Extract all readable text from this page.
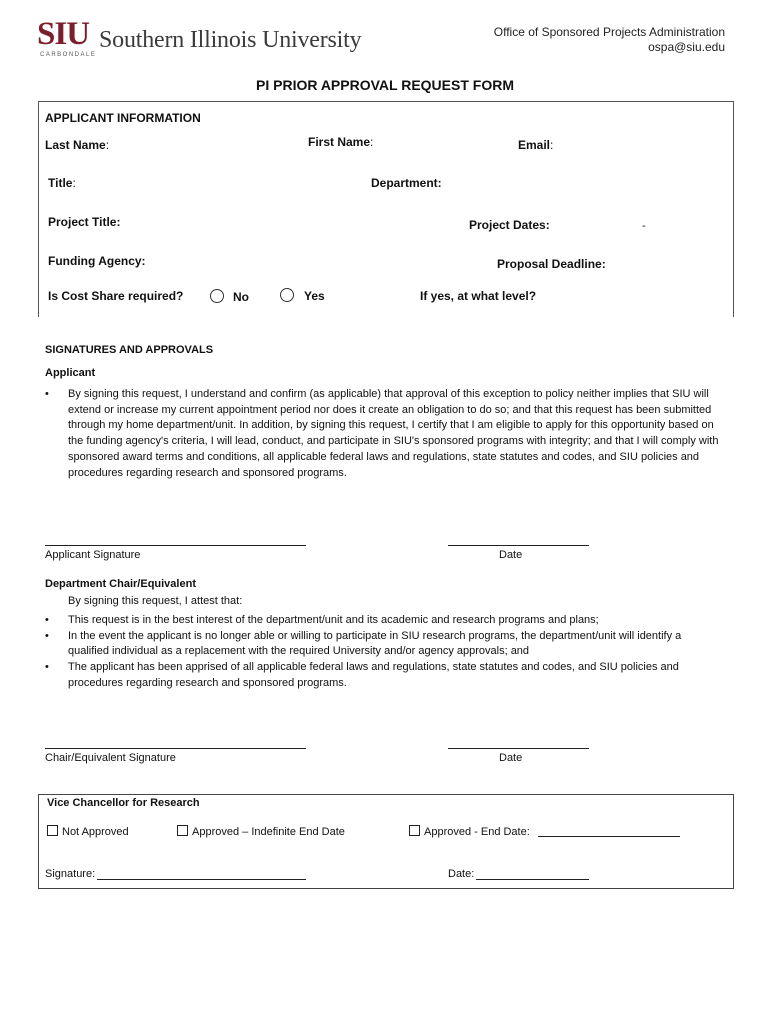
SIU Southern Illinois University
CARBONDALE
Office of Sponsored Projects Administration
ospa@siu.edu
PI PRIOR APPROVAL REQUEST FORM
APPLICANT INFORMATION
Last Name:	First Name:	Email:
Title:	Department:
Project Title:	Project Dates:	-
Funding Agency:	Proposal Deadline:
Is Cost Share required?	No	Yes	If yes, at what level?
SIGNATURES AND APPROVALS
Applicant
• By signing this request, I understand and confirm (as applicable) that approval of this exception to policy neither implies that SIU will extend or increase my current appointment period nor does it create an obligation to do so; and that this request has been submitted through my home department/unit. In addition, by signing this request, I certify that I am eligible to apply for this opportunity based on the funding agency's criteria, I will lead, conduct, and participate in SIU's sponsored programs with integrity; and that I will comply with sponsored award terms and conditions, all applicable federal laws and regulations, state statutes and codes, and SIU policies and procedures regarding research and sponsored programs.
Applicant Signature	Date
Department Chair/Equivalent
By signing this request, I attest that:
• This request is in the best interest of the department/unit and its academic and research programs and plans;
• In the event the applicant is no longer able or willing to participate in SIU research programs, the department/unit will identify a qualified individual as a replacement with the required University and/or agency approvals; and
• The applicant has been apprised of all applicable federal laws and regulations, state statutes and codes, and SIU policies and procedures regarding research and sponsored programs.
Chair/Equivalent Signature	Date
Vice Chancellor for Research
Not Approved	Approved – Indefinite End Date	Approved - End Date:
Signature:	Date:
